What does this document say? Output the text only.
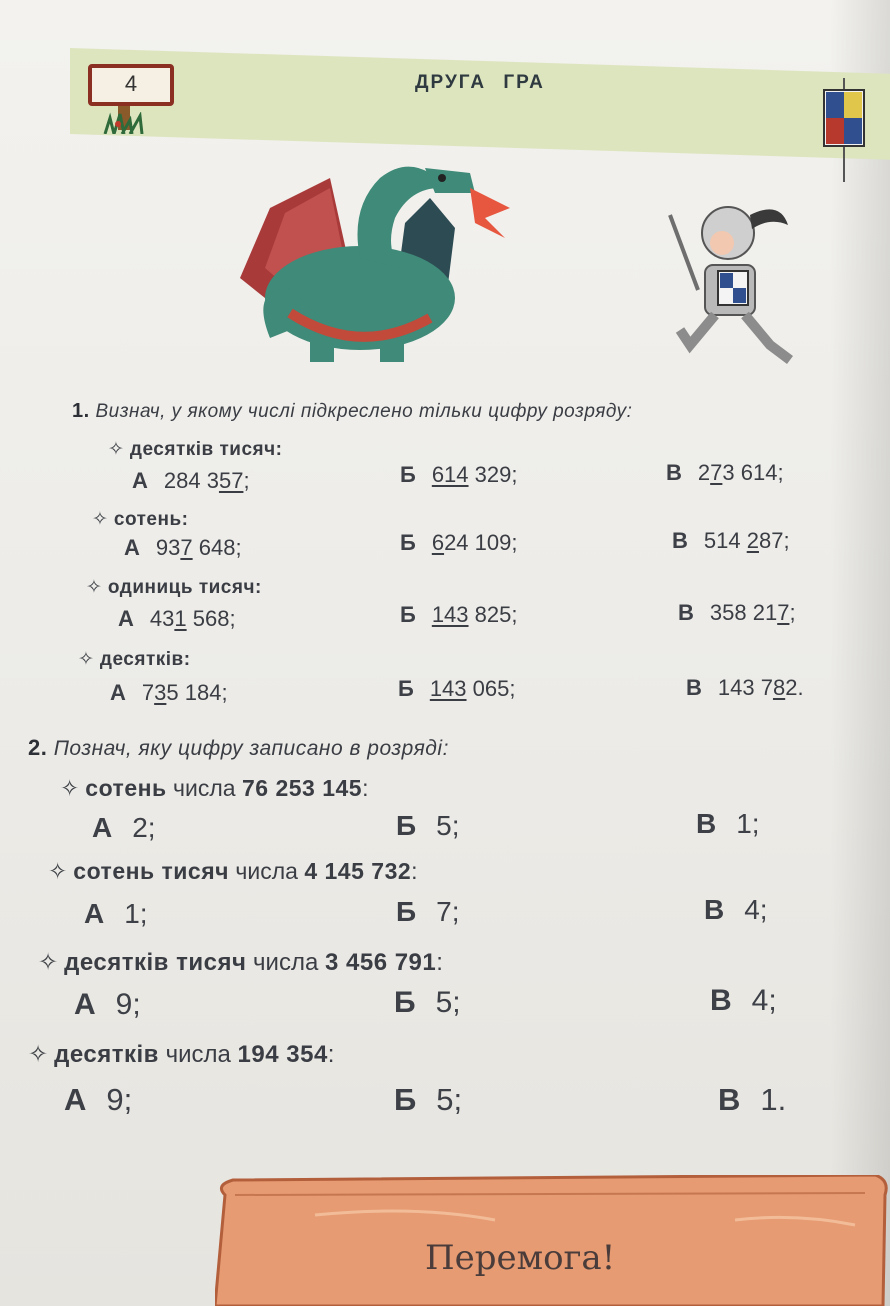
4	ДРУГА ГРА
1. Визнач, у якому числі підкреслено тільки цифру розряду:
✧ десятків тисяч:
А 284 357;	Б 614 329;	В 273 614;
✧ сотень:
А 937 648;	Б 624 109;	В 514 287;
✧ одиниць тисяч:
А 431 568;	Б 143 825;	В 358 217;
✧ десятків:
А 735 184;	Б 143 065;	В 143 782.
2. Познач, яку цифру записано в розряді:
✧ сотень числа 76 253 145:
А 2;	Б 5;	В 1;
✧ сотень тисяч числа 4 145 732:
А 1;	Б 7;	В 4;
✧ десятків тисяч числа 3 456 791:
А 9;	Б 5;	В 4;
✧ десятків числа 194 354:
А 9;	Б 5;	В 1.
Перемога!
